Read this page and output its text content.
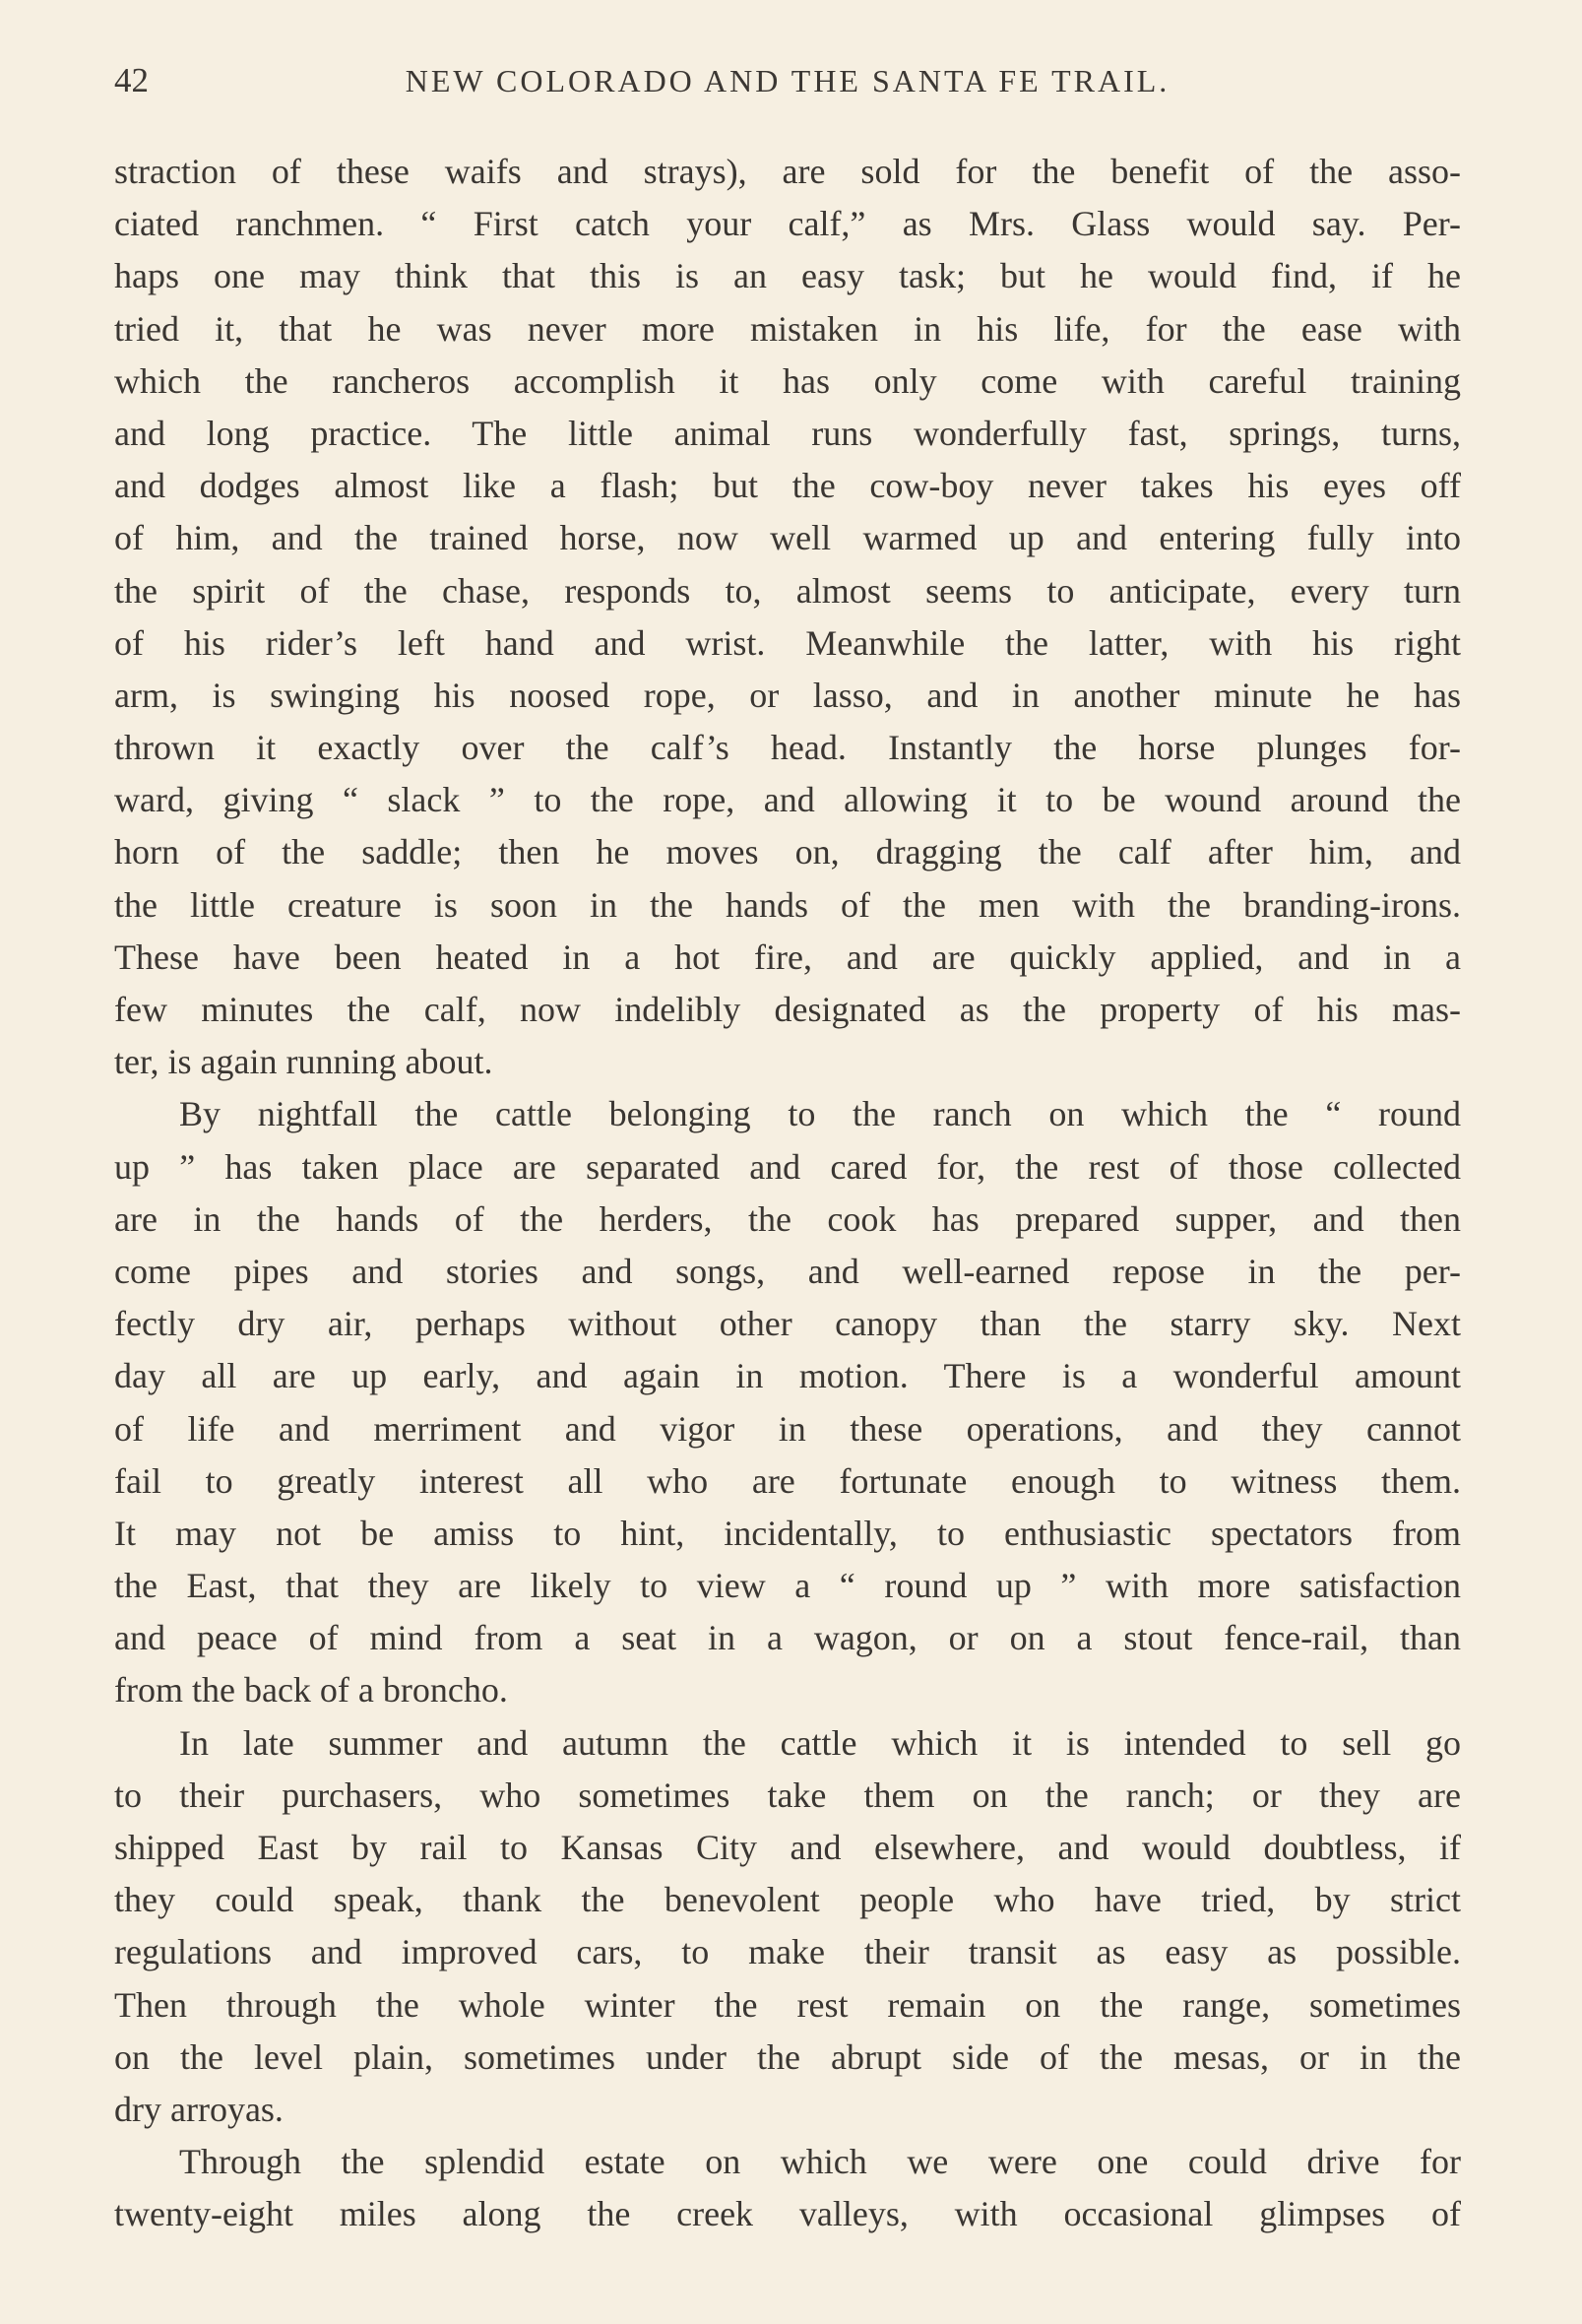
42	NEW COLORADO AND THE SANTA FE TRAIL.
straction of these waifs and strays), are sold for the benefit of the asso-
ciated ranchmen. “ First catch your calf,” as Mrs. Glass would say. Per-
haps one may think that this is an easy task; but he would find, if he
tried it, that he was never more mistaken in his life, for the ease with
which the rancheros accomplish it has only come with careful training
and long practice. The little animal runs wonderfully fast, springs, turns,
and dodges almost like a flash; but the cow-boy never takes his eyes off
of him, and the trained horse, now well warmed up and entering fully into
the spirit of the chase, responds to, almost seems to anticipate, every turn
of his rider’s left hand and wrist. Meanwhile the latter, with his right
arm, is swinging his noosed rope, or lasso, and in another minute he has
thrown it exactly over the calf’s head. Instantly the horse plunges for-
ward, giving “ slack ” to the rope, and allowing it to be wound around the
horn of the saddle; then he moves on, dragging the calf after him, and
the little creature is soon in the hands of the men with the branding-irons.
These have been heated in a hot fire, and are quickly applied, and in a
few minutes the calf, now indelibly designated as the property of his mas-
ter, is again running about.
By nightfall the cattle belonging to the ranch on which the “ round
up ” has taken place are separated and cared for, the rest of those collected
are in the hands of the herders, the cook has prepared supper, and then
come pipes and stories and songs, and well-earned repose in the per-
fectly dry air, perhaps without other canopy than the starry sky. Next
day all are up early, and again in motion. There is a wonderful amount
of life and merriment and vigor in these operations, and they cannot
fail to greatly interest all who are fortunate enough to witness them.
It may not be amiss to hint, incidentally, to enthusiastic spectators from
the East, that they are likely to view a “ round up ” with more satisfaction
and peace of mind from a seat in a wagon, or on a stout fence-rail, than
from the back of a broncho.
In late summer and autumn the cattle which it is intended to sell go
to their purchasers, who sometimes take them on the ranch; or they are
shipped East by rail to Kansas City and elsewhere, and would doubtless, if
they could speak, thank the benevolent people who have tried, by strict
regulations and improved cars, to make their transit as easy as possible.
Then through the whole winter the rest remain on the range, sometimes
on the level plain, sometimes under the abrupt side of the mesas, or in the
dry arroyas.
Through the splendid estate on which we were one could drive for
twenty-eight miles along the creek valleys, with occasional glimpses of
